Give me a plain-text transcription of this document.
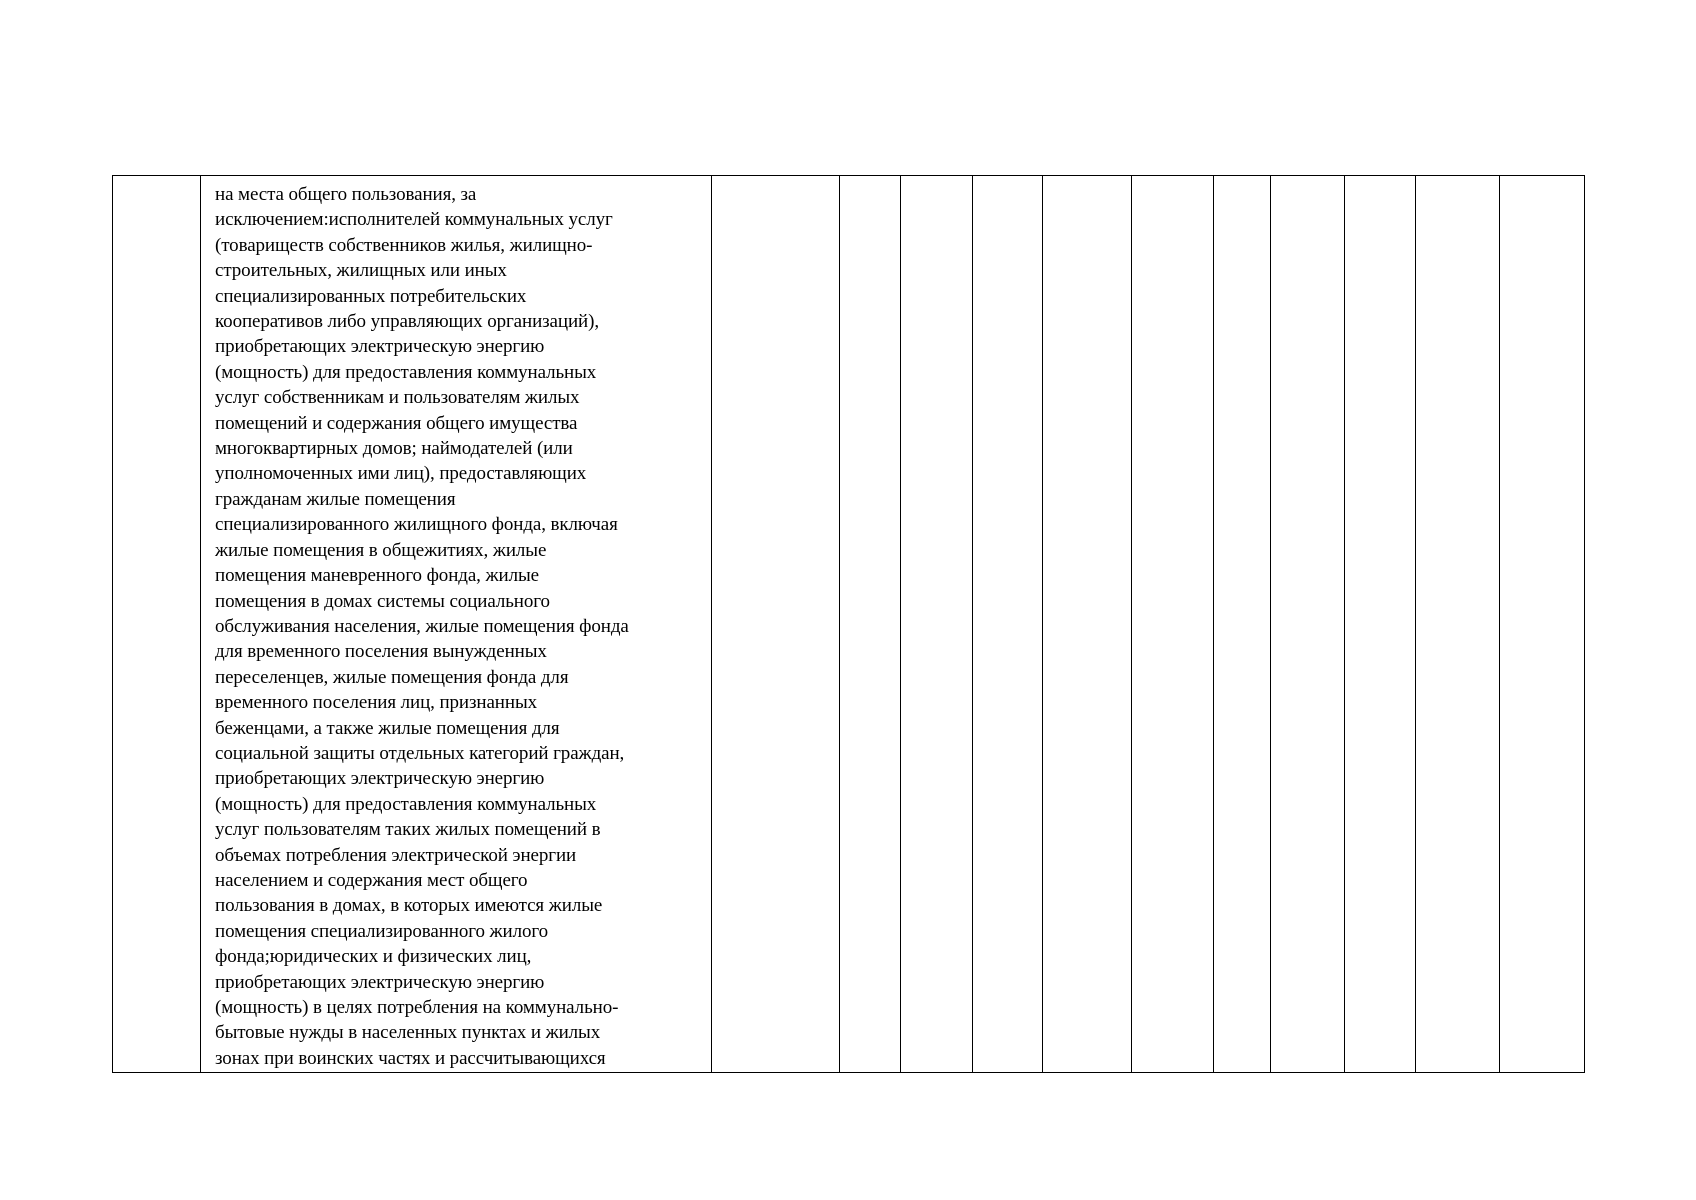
на места общего пользования, за
исключением:исполнителей коммунальных услуг
(товариществ собственников жилья, жилищно-
строительных, жилищных или иных
специализированных потребительских
кооперативов либо управляющих организаций),
приобретающих электрическую энергию
(мощность) для предоставления коммунальных
услуг собственникам и пользователям жилых
помещений и содержания общего имущества
многоквартирных домов; наймодателей (или
уполномоченных ими лиц), предоставляющих
гражданам жилые помещения
специализированного жилищного фонда, включая
жилые помещения в общежитиях, жилые
помещения маневренного фонда, жилые
помещения в домах системы социального
обслуживания населения, жилые помещения фонда
для временного поселения вынужденных
переселенцев, жилые помещения фонда для
временного поселения лиц, признанных
беженцами, а также жилые помещения для
социальной защиты отдельных категорий граждан,
приобретающих электрическую энергию
(мощность) для предоставления коммунальных
услуг пользователям таких жилых помещений в
объемах потребления электрической энергии
населением и содержания мест общего
пользования в домах, в которых имеются жилые
помещения специализированного жилого
фонда;юридических и физических лиц,
приобретающих электрическую энергию
(мощность) в целях потребления на коммунально-
бытовые нужды в населенных пунктах и жилых
зонах при воинских частях и рассчитывающихся
